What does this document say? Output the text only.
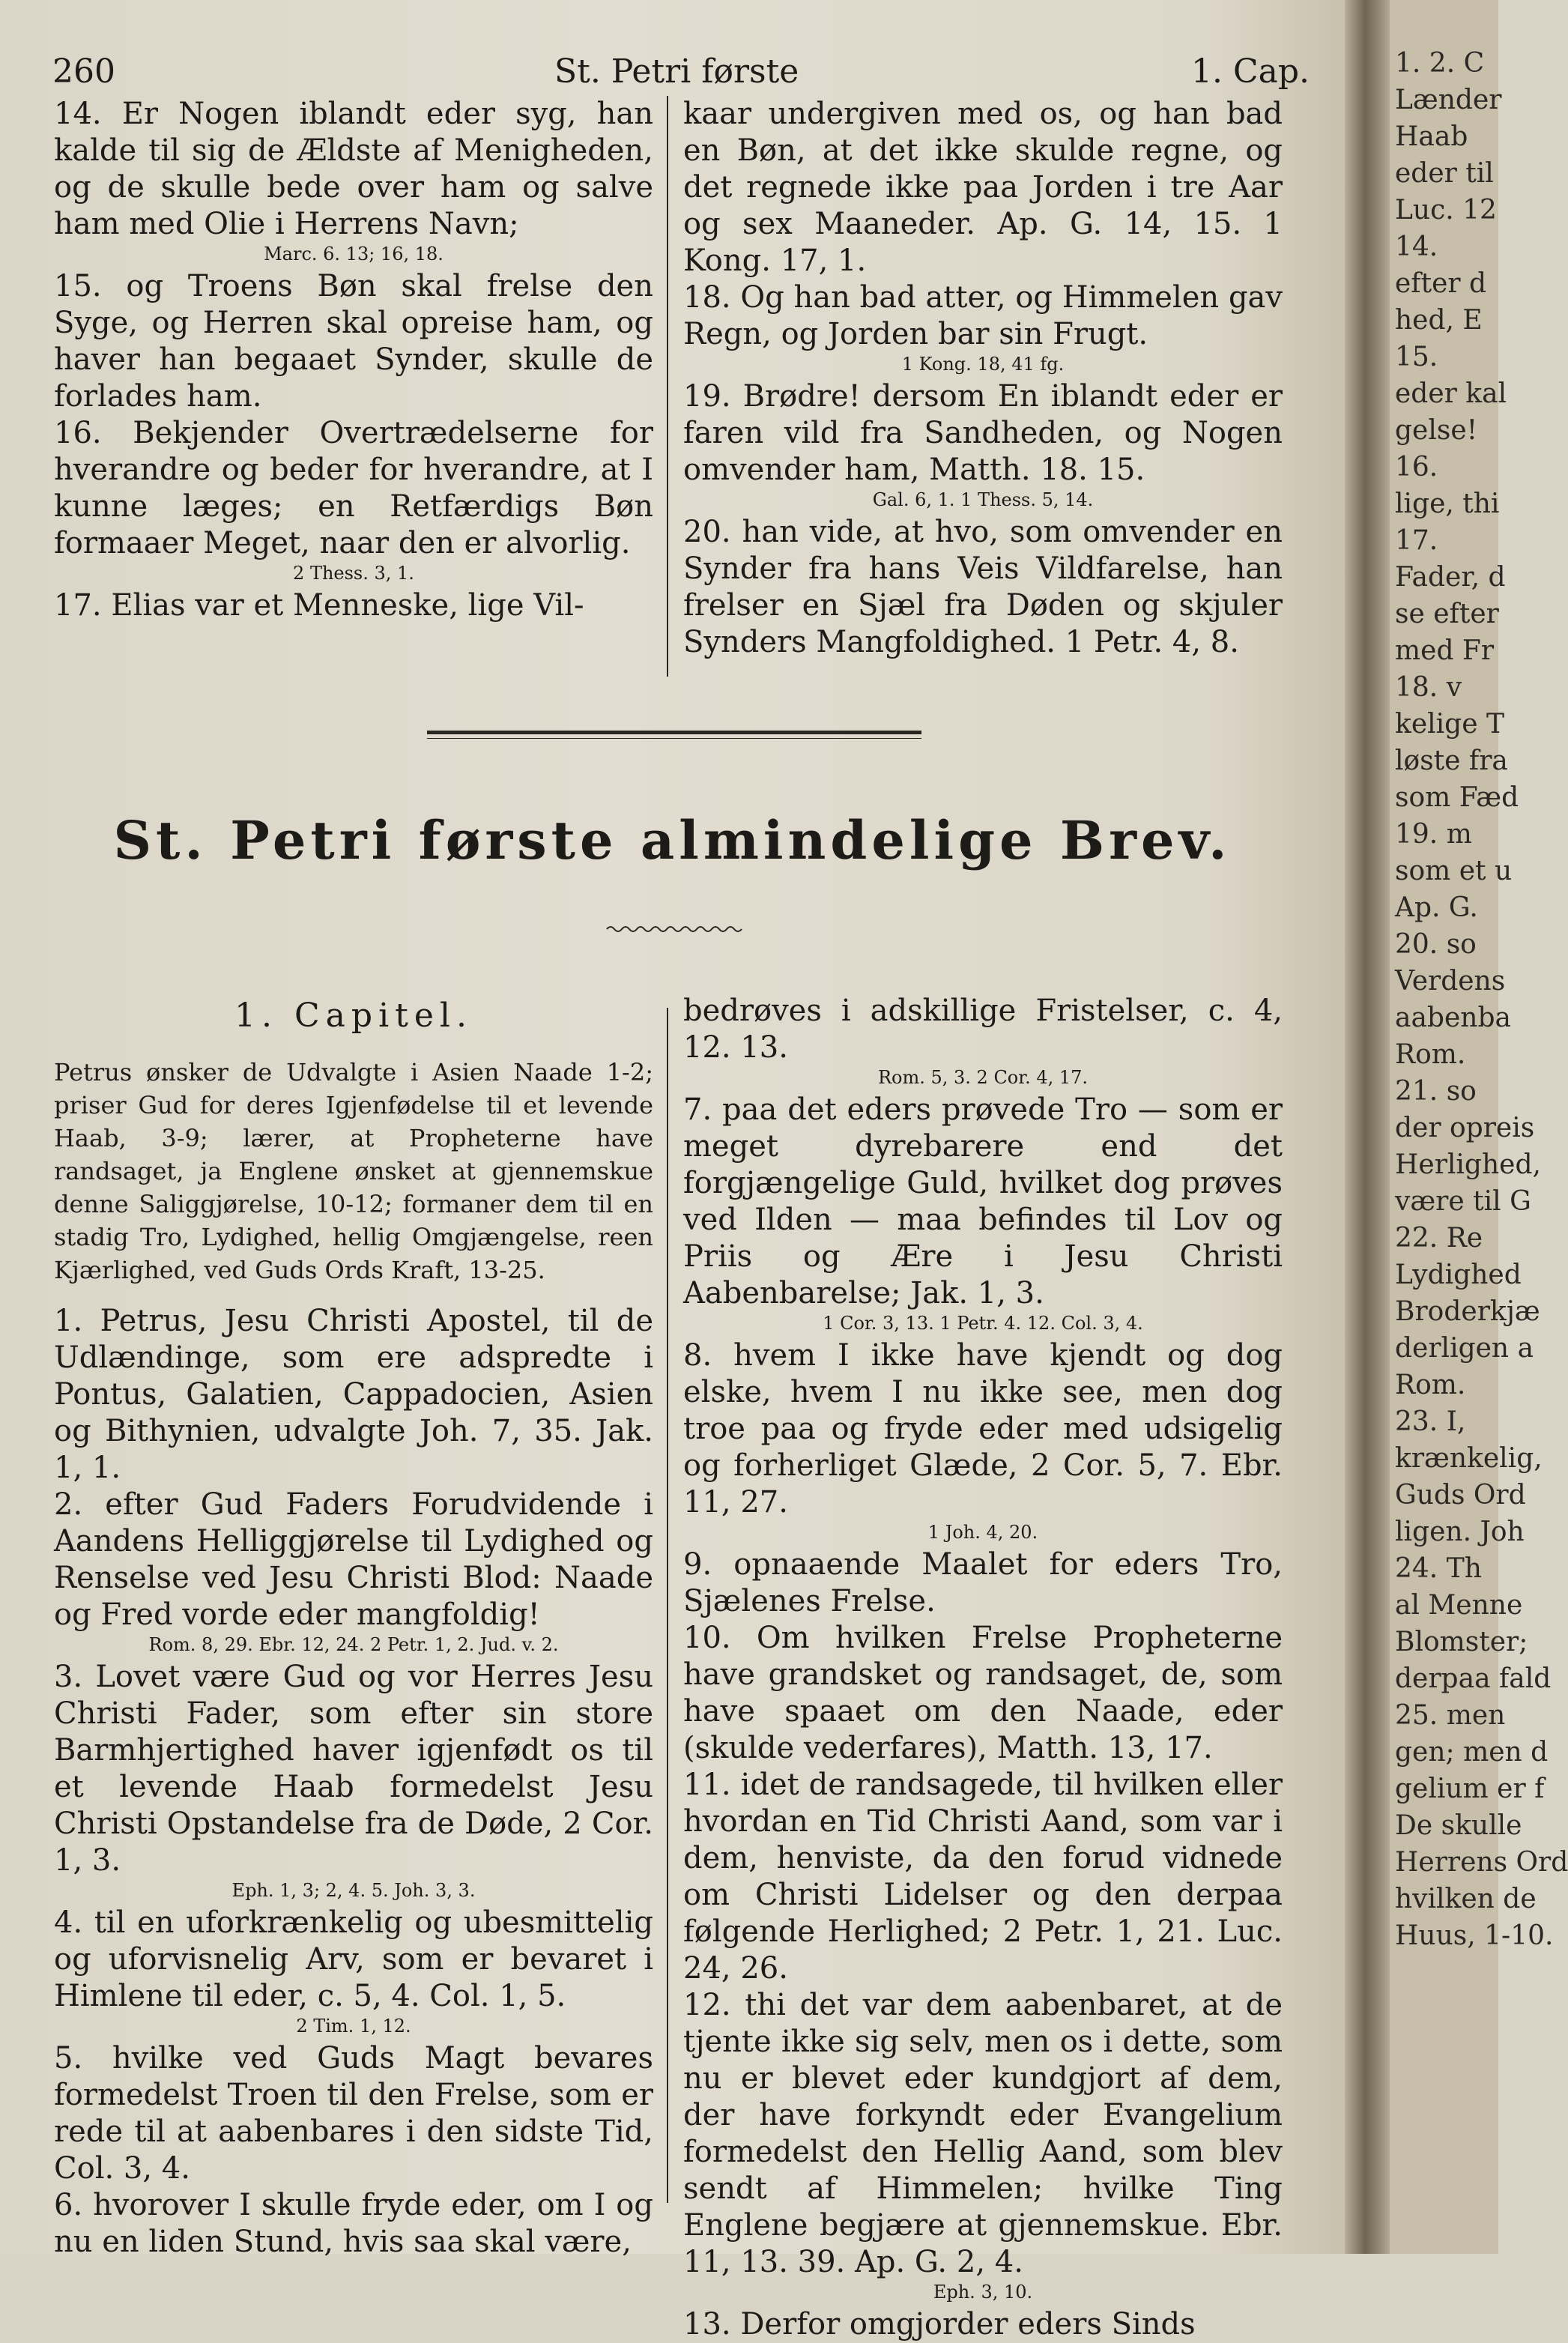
260	St. Petri første	1. Cap.

14. Er Nogen iblandt eder syg, han kalde til sig de Ældste af Menigheden, og de skulle bede over ham og salve ham med Olie i Herrens Navn;

Marc. 6. 13; 16, 18.

15. og Troens Bøn skal frelse den Syge, og Herren skal opreise ham, og haver han begaaet Synder, skulle de forlades ham.

16. Bekjender Overtrædelserne for hverandre og beder for hverandre, at I kunne læges; en Retfærdigs Bøn formaaer Meget, naar den er alvorlig.

2 Thess. 3, 1.

17. Elias var et Menneske, lige Vil-

kaar undergiven med os, og han bad en Bøn, at det ikke skulde regne, og det regnede ikke paa Jorden i tre Aar og sex Maaneder. Ap. G. 14, 15. 1 Kong. 17, 1.

18. Og han bad atter, og Himmelen gav Regn, og Jorden bar sin Frugt.

1 Kong. 18, 41 fg.

19. Brødre! dersom En iblandt eder er faren vild fra Sandheden, og Nogen omvender ham, Matth. 18. 15.

Gal. 6, 1. 1 Thess. 5, 14.

20. han vide, at hvo, som omvender en Synder fra hans Veis Vildfarelse, han frelser en Sjæl fra Døden og skjuler Synders Mangfoldighed. 1 Petr. 4, 8.

St. Petri første almindelige Brev.

1. Capitel.

Petrus ønsker de Udvalgte i Asien Naade 1-2; priser Gud for deres Igjenfødelse til et levende Haab, 3-9; lærer, at Propheterne have randsaget, ja Englene ønsket at gjennemskue denne Saliggjørelse, 10-12; formaner dem til en stadig Tro, Lydighed, hellig Omgjængelse, reen Kjærlighed, ved Guds Ords Kraft, 13-25.

1. Petrus, Jesu Christi Apostel, til de Udlændinge, som ere adspredte i Pontus, Galatien, Cappadocien, Asien og Bithynien, udvalgte Joh. 7, 35. Jak. 1, 1.

2. efter Gud Faders Forudvidende i Aandens Helliggjørelse til Lydighed og Renselse ved Jesu Christi Blod: Naade og Fred vorde eder mangfoldig!

Rom. 8, 29. Ebr. 12, 24. 2 Petr. 1, 2. Jud. v. 2.

3. Lovet være Gud og vor Herres Jesu Christi Fader, som efter sin store Barmhjertighed haver igjenfødt os til et levende Haab formedelst Jesu Christi Opstandelse fra de Døde, 2 Cor. 1, 3.

Eph. 1, 3; 2, 4. 5. Joh. 3, 3.

4. til en uforkrænkelig og ubesmittelig og uforvisnelig Arv, som er bevaret i Himlene til eder, c. 5, 4. Col. 1, 5.

2 Tim. 1, 12.

5. hvilke ved Guds Magt bevares formedelst Troen til den Frelse, som er rede til at aabenbares i den sidste Tid, Col. 3, 4.

6. hvorover I skulle fryde eder, om I og nu en liden Stund, hvis saa skal være,

bedrøves i adskillige Fristelser, c. 4, 12. 13.

Rom. 5, 3. 2 Cor. 4, 17.

7. paa det eders prøvede Tro — som er meget dyrebarere end det forgjængelige Guld, hvilket dog prøves ved Ilden — maa befindes til Lov og Priis og Ære i Jesu Christi Aabenbarelse; Jak. 1, 3.

1 Cor. 3, 13. 1 Petr. 4. 12. Col. 3, 4.

8. hvem I ikke have kjendt og dog elske, hvem I nu ikke see, men dog troe paa og fryde eder med udsigelig og forherliget Glæde, 2 Cor. 5, 7. Ebr. 11, 27.

1 Joh. 4, 20.

9. opnaaende Maalet for eders Tro, Sjælenes Frelse.

10. Om hvilken Frelse Propheterne have grandsket og randsaget, de, som have spaaet om den Naade, eder (skulde vederfares), Matth. 13, 17.

11. idet de randsagede, til hvilken eller hvordan en Tid Christi Aand, som var i dem, henviste, da den forud vidnede om Christi Lidelser og den derpaa følgende Herlighed; 2 Petr. 1, 21. Luc. 24, 26.

12. thi det var dem aabenbaret, at de tjente ikke sig selv, men os i dette, som nu er blevet eder kundgjort af dem, der have forkyndt eder Evangelium formedelst den Hellig Aand, som blev sendt af Himmelen; hvilke Ting Englene begjære at gjennemskue. Ebr. 11, 13. 39. Ap. G. 2, 4.

Eph. 3, 10.

13. Derfor omgjorder eders Sinds

1. 2. C
Lænder
Haab
eder til
Luc. 12
14.
efter d
hed, E
15.
eder kal
gelse!
16.
lige, thi
17.
Fader, d
se efter
med Fr
18. v
kelige T
løste fra
som Fæd
19. m
som et u
Ap. G.
20. so
Verdens
aabenba
Rom.
21. so
der opreis
Herlighed,
være til G
22. Re
Lydighed
Broderkjæ
derligen a
Rom.
23. I,
krænkelig,
Guds Ord
ligen. Joh
24. Th
al Menne
Blomster;
derpaa fald
25. men
gen; men d
gelium er f
De skulle
Herrens Ord
hvilken de
Huus, 1-10.
